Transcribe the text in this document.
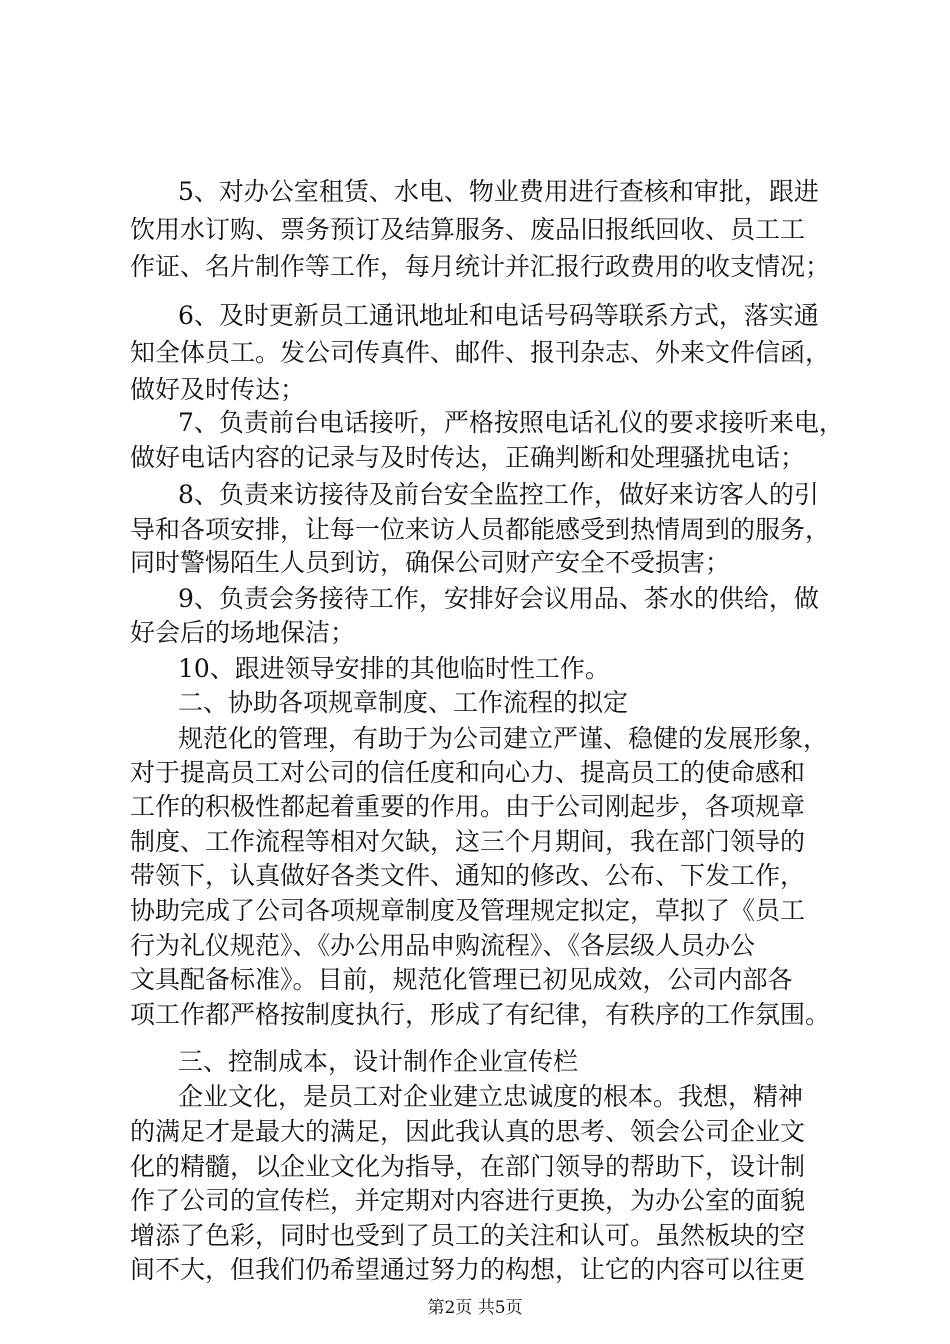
5、对办公室租赁、水电、物业费用进行查核和审批，跟进
饮用水订购、票务预订及结算服务、废品旧报纸回收、员工工
作证、名片制作等工作，每月统计并汇报行政费用的收支情况；
6、及时更新员工通讯地址和电话号码等联系方式，落实通
知全体员工。发公司传真件、邮件、报刊杂志、外来文件信函，
做好及时传达；
7、负责前台电话接听，严格按照电话礼仪的要求接听来电，
做好电话内容的记录与及时传达，正确判断和处理骚扰电话；
8、负责来访接待及前台安全监控工作，做好来访客人的引
导和各项安排，让每一位来访人员都能感受到热情周到的服务，
同时警惕陌生人员到访，确保公司财产安全不受损害；
9、负责会务接待工作，安排好会议用品、茶水的供给，做
好会后的场地保洁；
10、跟进领导安排的其他临时性工作。
二、协助各项规章制度、工作流程的拟定
规范化的管理，有助于为公司建立严谨、稳健的发展形象，
对于提高员工对公司的信任度和向心力、提高员工的使命感和
工作的积极性都起着重要的作用。由于公司刚起步，各项规章
制度、工作流程等相对欠缺，这三个月期间，我在部门领导的
带领下，认真做好各类文件、通知的修改、公布、下发工作，
协助完成了公司各项规章制度及管理规定拟定，草拟了《员工
行为礼仪规范》、《办公用品申购流程》、《各层级人员办公
文具配备标准》。目前，规范化管理已初见成效，公司内部各
项工作都严格按制度执行，形成了有纪律，有秩序的工作氛围。
三、控制成本，设计制作企业宣传栏
企业文化，是员工对企业建立忠诚度的根本。我想，精神
的满足才是最大的满足，因此我认真的思考、领会公司企业文
化的精髓，以企业文化为指导，在部门领导的帮助下，设计制
作了公司的宣传栏，并定期对内容进行更换，为办公室的面貌
增添了色彩，同时也受到了员工的关注和认可。虽然板块的空
间不大，但我们仍希望通过努力的构想，让它的内容可以往更
第2页 共5页
